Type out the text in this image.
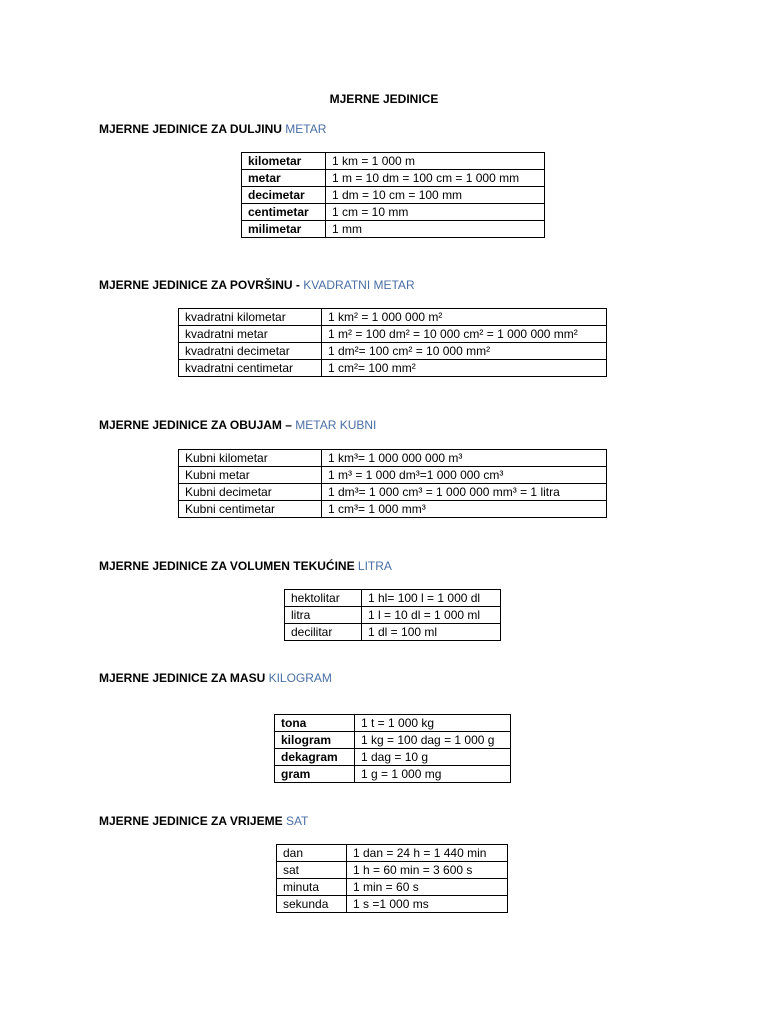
MJERNE JEDINICE
MJERNE JEDINICE ZA DULJINU METAR
kilometar	1 km = 1 000 m
metar	1 m = 10 dm = 100 cm = 1 000 mm
decimetar	1 dm = 10 cm = 100 mm
centimetar	1 cm = 10 mm
milimetar	1 mm
MJERNE JEDINICE ZA POVRŠINU - KVADRATNI METAR
kvadratni kilometar	1 km² = 1 000 000 m²
kvadratni metar	1 m² = 100 dm² = 10 000 cm² = 1 000 000 mm²
kvadratni decimetar	1 dm²= 100 cm² = 10 000 mm²
kvadratni centimetar	1 cm²= 100 mm²
MJERNE JEDINICE ZA OBUJAM – METAR KUBNI
Kubni kilometar	1 km³= 1 000 000 000 m³
Kubni metar	1 m³ = 1 000 dm³=1 000 000 cm³
Kubni decimetar	1 dm³= 1 000 cm³ = 1 000 000 mm³ = 1 litra
Kubni centimetar	1 cm³= 1 000 mm³
MJERNE JEDINICE ZA VOLUMEN TEKUĆINE LITRA
hektolitar	1 hl= 100 l = 1 000 dl
litra	1 l = 10 dl = 1 000 ml
decilitar	1 dl = 100 ml
MJERNE JEDINICE ZA MASU KILOGRAM
tona	1 t = 1 000 kg
kilogram	1 kg = 100 dag = 1 000 g
dekagram	1 dag = 10 g
gram	1 g = 1 000 mg
MJERNE JEDINICE ZA VRIJEME SAT
dan	1 dan = 24 h = 1 440 min
sat	1 h = 60 min = 3 600 s
minuta	1 min = 60 s
sekunda	1 s =1 000 ms
